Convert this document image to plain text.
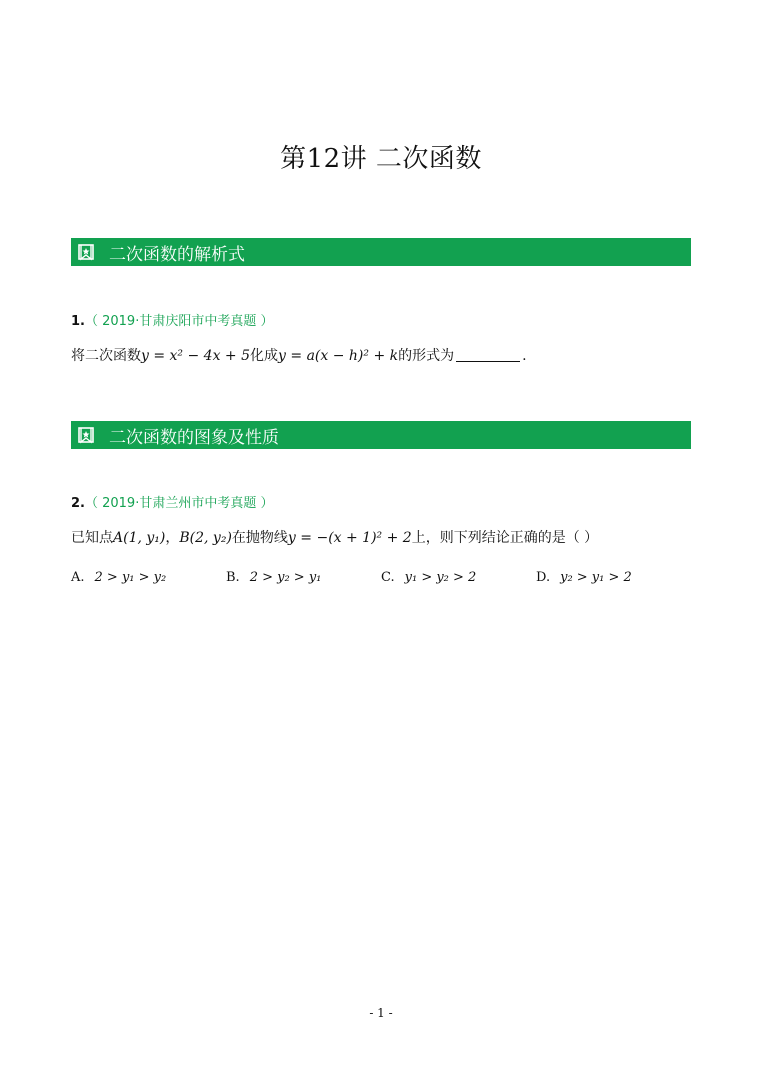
第12讲 二次函数
二次函数的解析式
1.（ 2019·甘肃庆阳市中考真题 ）
将二次函数y = x² − 4x + 5化成y = a(x − h)² + k的形式为	.
二次函数的图象及性质
2.（ 2019·甘肃兰州市中考真题 ）
已知点A(1, y₁)，B(2, y₂)在抛物线y = −(x + 1)² + 2上，则下列结论正确的是（ ）
A. 2 > y₁ > y₂	B. 2 > y₂ > y₁	C. y₁ > y₂ > 2	D. y₂ > y₁ > 2
- 1 -
